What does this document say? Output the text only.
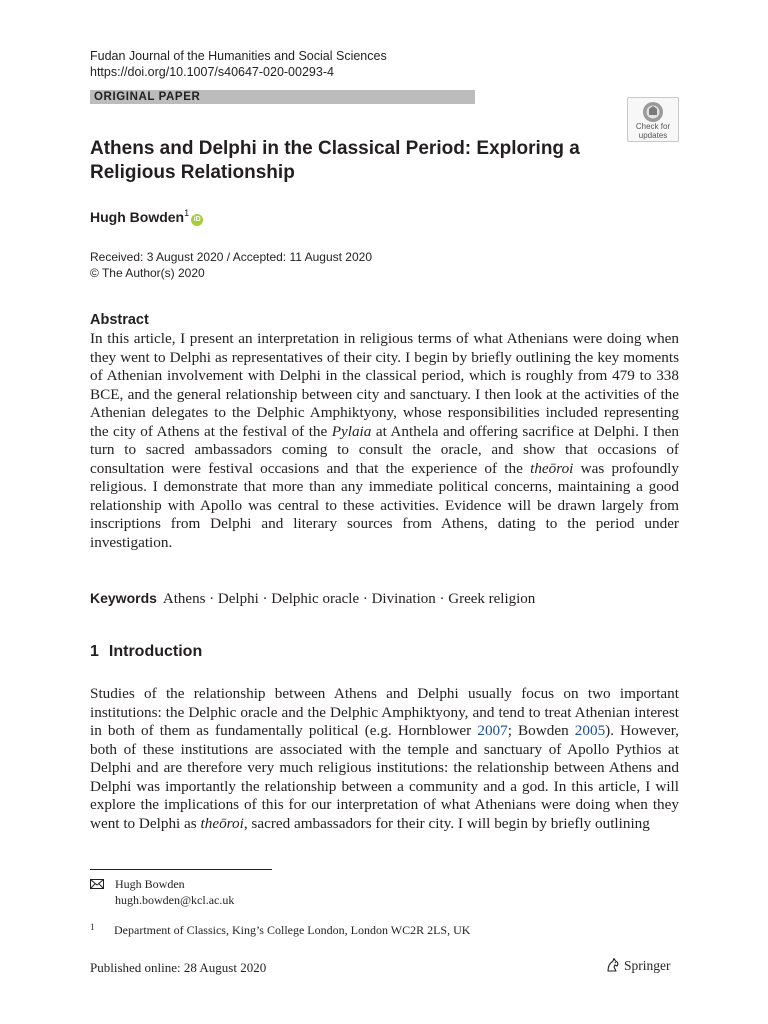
Fudan Journal of the Humanities and Social Sciences
https://doi.org/10.1007/s40647-020-00293-4
ORIGINAL PAPER
Check for
updates
Athens and Delphi in the Classical Period: Exploring a Religious Relationship
Hugh Bowden$^1$iD
Received: 3 August 2020 / Accepted: 11 August 2020
© The Author(s) 2020
Abstract

In this article, I present an interpretation in religious terms of what Athenians were doing when they went to Delphi as representatives of their city. I begin by briefly outlining the key moments of Athenian involvement with Delphi in the classical period, which is roughly from 479 to 338 BCE, and the general relationship between city and sanctuary. I then look at the activities of the Athenian delegates to the Delphic Amphiktyony, whose responsibilities included representing the city of Athens at the festival of the Pylaia at Anthela and offering sacrifice at Delphi. I then turn to sacred ambassadors coming to consult the oracle, and show that occasions of consultation were festival occasions and that the experience of the theōroi was profoundly religious. I demonstrate that more than any immediate political concerns, maintaining a good relationship with Apollo was central to these activities. Evidence will be drawn largely from inscriptions from Delphi and literary sources from Athens, dating to the period under investigation.

Keywords Athens · Delphi · Delphic oracle · Divination · Greek religion
1 Introduction

Studies of the relationship between Athens and Delphi usually focus on two important institutions: the Delphic oracle and the Delphic Amphiktyony, and tend to treat Athenian interest in both of them as fundamentally political (e.g. Hornblower 2007; Bowden 2005). However, both of these institutions are associated with the temple and sanctuary of Apollo Pythios at Delphi and are therefore very much religious institutions: the relationship between Athens and Delphi was importantly the relationship between a community and a god. In this article, I will explore the implications of this for our interpretation of what Athenians were doing when they went to Delphi as theōroi, sacred ambassadors for their city. I will begin by briefly outlining

Hugh Bowden
hugh.bowden@kcl.ac.uk
1 Department of Classics, King’s College London, London WC2R 2LS, UK
Published online: 28 August 2020	Springer
